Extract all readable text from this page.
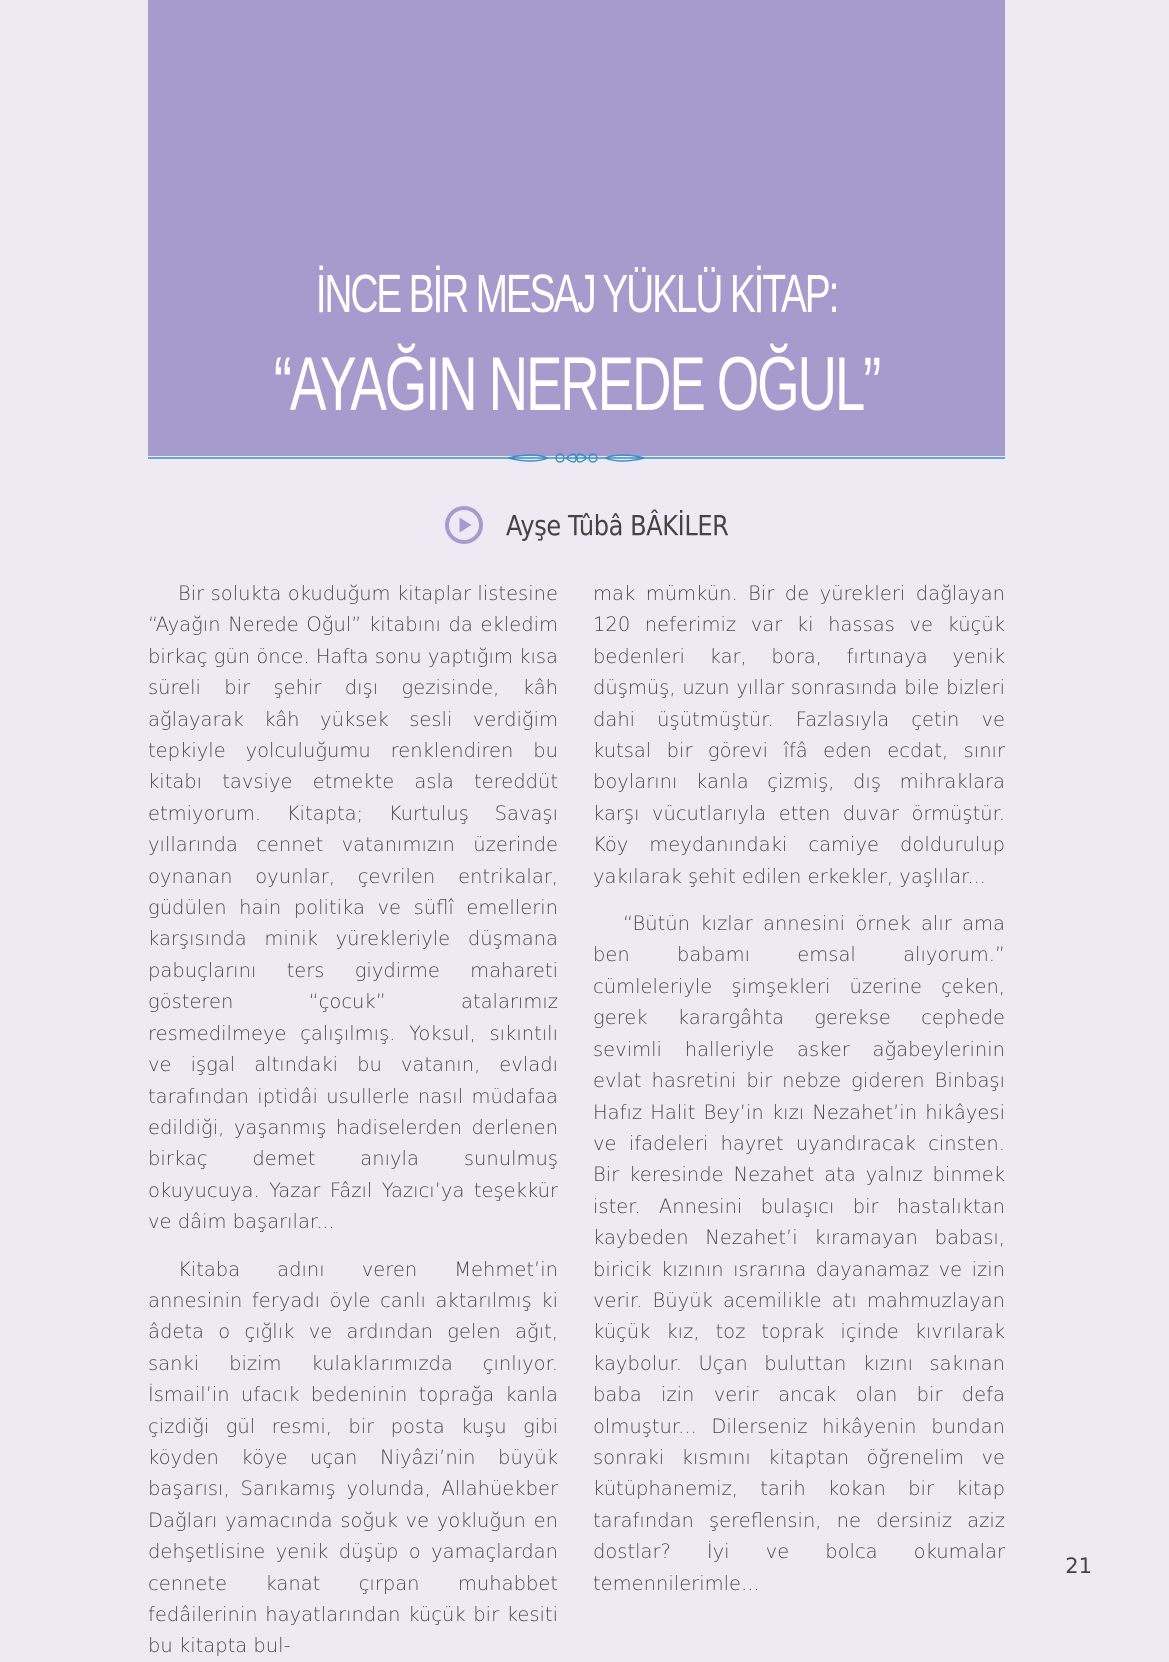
İNCE BİR MESAJ YÜKLÜ KİTAP:
“AYAĞIN NEREDE OĞUL”
Ayşe Tûbâ BÂKİLER

Bir solukta okuduğum kitaplar listesine “Ayağın Nerede Oğul” kitabını da ekledim birkaç gün önce. Hafta sonu yaptığım kısa süreli bir şehir dışı gezisinde, kâh ağlayarak kâh yüksek sesli verdiğim tepkiyle yolculuğumu renklendiren bu kitabı tavsiye etmekte asla tereddüt etmiyorum. Kitapta; Kurtuluş Savaşı yıllarında cennet vatanımızın üzerinde oynanan oyunlar, çevrilen entrikalar, güdülen hain politika ve süflî emellerin karşısında minik yürekleriyle düşmana pabuçlarını ters giydirme mahareti gösteren “çocuk” atalarımız resmedilmeye çalışılmış. Yoksul, sıkıntılı ve işgal altındaki bu vatanın, evladı tarafından iptidâi usullerle nasıl müdafaa edildiği, yaşanmış hadiselerden derlenen birkaç demet anıyla sunulmuş okuyucuya. Yazar Fâzıl Yazıcı’ya teşekkür ve dâim başarılar...

Kitaba adını veren Mehmet’in annesinin feryadı öyle canlı aktarılmış ki âdeta o çığlık ve ardından gelen ağıt, sanki bizim kulaklarımızda çınlıyor. İsmail’in ufacık bedeninin toprağa kanla çizdiği gül resmi, bir posta kuşu gibi köyden köye uçan Niyâzi’nin büyük başarısı, Sarıkamış yolunda, Allahüekber Dağları yamacında soğuk ve yokluğun en dehşetlisine yenik düşüp o yamaçlardan cennete kanat çırpan muhabbet fedâilerinin hayatlarından küçük bir kesiti bu kitapta bul-

mak mümkün. Bir de yürekleri dağlayan 120 neferimiz var ki hassas ve küçük bedenleri kar, bora, fırtınaya yenik düşmüş, uzun yıllar sonrasında bile bizleri dahi üşütmüştür. Fazlasıyla çetin ve kutsal bir görevi îfâ eden ecdat, sınır boylarını kanla çizmiş, dış mihraklara karşı vücutlarıyla etten duvar örmüştür. Köy meydanındaki camiye doldurulup yakılarak şehit edilen erkekler, yaşlılar...

“Bütün kızlar annesini örnek alır ama ben babamı emsal alıyorum.” cümleleriyle şimşekleri üzerine çeken, gerek karargâhta gerekse cephede sevimli halleriyle asker ağabeylerinin evlat hasretini bir nebze gideren Binbaşı Hafız Halit Bey’in kızı Nezahet’in hikâyesi ve ifadeleri hayret uyandıracak cinsten. Bir keresinde Nezahet ata yalnız binmek ister. Annesini bulaşıcı bir hastalıktan kaybeden Nezahet’i kıramayan babası, biricik kızının ısrarına dayanamaz ve izin verir. Büyük acemilikle atı mahmuzlayan küçük kız, toz toprak içinde kıvrılarak kaybolur. Uçan buluttan kızını sakınan baba izin verir ancak olan bir defa olmuştur... Dilerseniz hikâyenin bundan sonraki kısmını kitaptan öğrenelim ve kütüphanemiz, tarih kokan bir kitap tarafından şereflensin, ne dersiniz aziz dostlar? İyi ve bolca okumalar temennilerimle...

21
